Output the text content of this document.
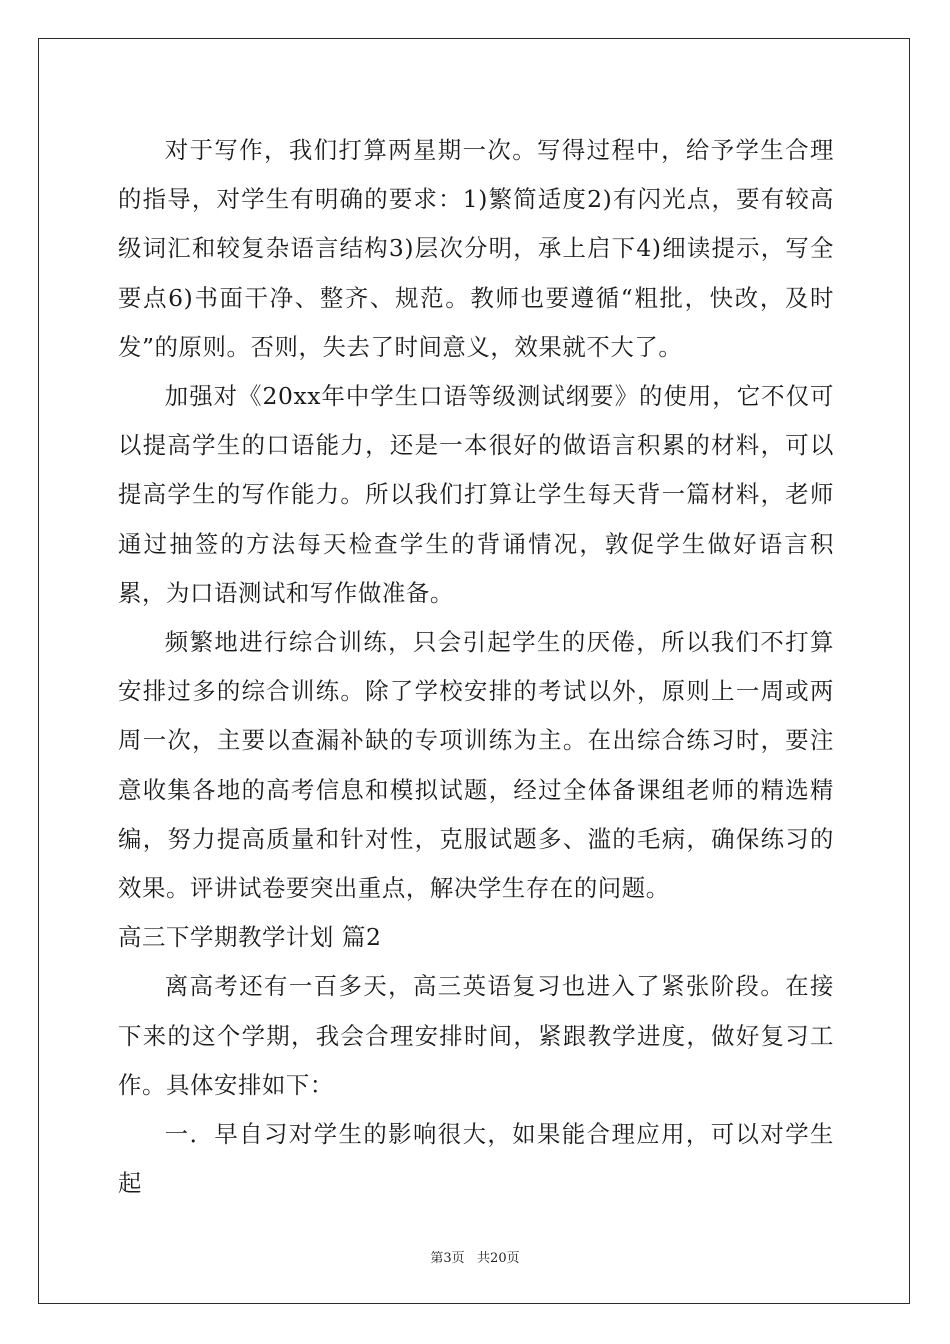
对于写作，我们打算两星期一次。写得过程中，给予学生合理的指导，对学生有明确的要求：1)繁简适度2)有闪光点，要有较高级词汇和较复杂语言结构3)层次分明，承上启下4)细读提示，写全要点6)书面干净、整齐、规范。教师也要遵循“粗批，快改，及时发”的原则。否则，失去了时间意义，效果就不大了。

加强对《20xx年中学生口语等级测试纲要》的使用，它不仅可以提高学生的口语能力，还是一本很好的做语言积累的材料，可以提高学生的写作能力。所以我们打算让学生每天背一篇材料，老师通过抽签的方法每天检查学生的背诵情况，敦促学生做好语言积累，为口语测试和写作做准备。

频繁地进行综合训练，只会引起学生的厌倦，所以我们不打算安排过多的综合训练。除了学校安排的考试以外，原则上一周或两周一次，主要以查漏补缺的专项训练为主。在出综合练习时，要注意收集各地的高考信息和模拟试题，经过全体备课组老师的精选精编，努力提高质量和针对性，克服试题多、滥的毛病，确保练习的效果。评讲试卷要突出重点，解决学生存在的问题。

高三下学期教学计划 篇2

离高考还有一百多天，高三英语复习也进入了紧张阶段。在接下来的这个学期，我会合理安排时间，紧跟教学进度，做好复习工作。具体安排如下：

一．早自习对学生的影响很大，如果能合理应用，可以对学生起

第3页   共20页
